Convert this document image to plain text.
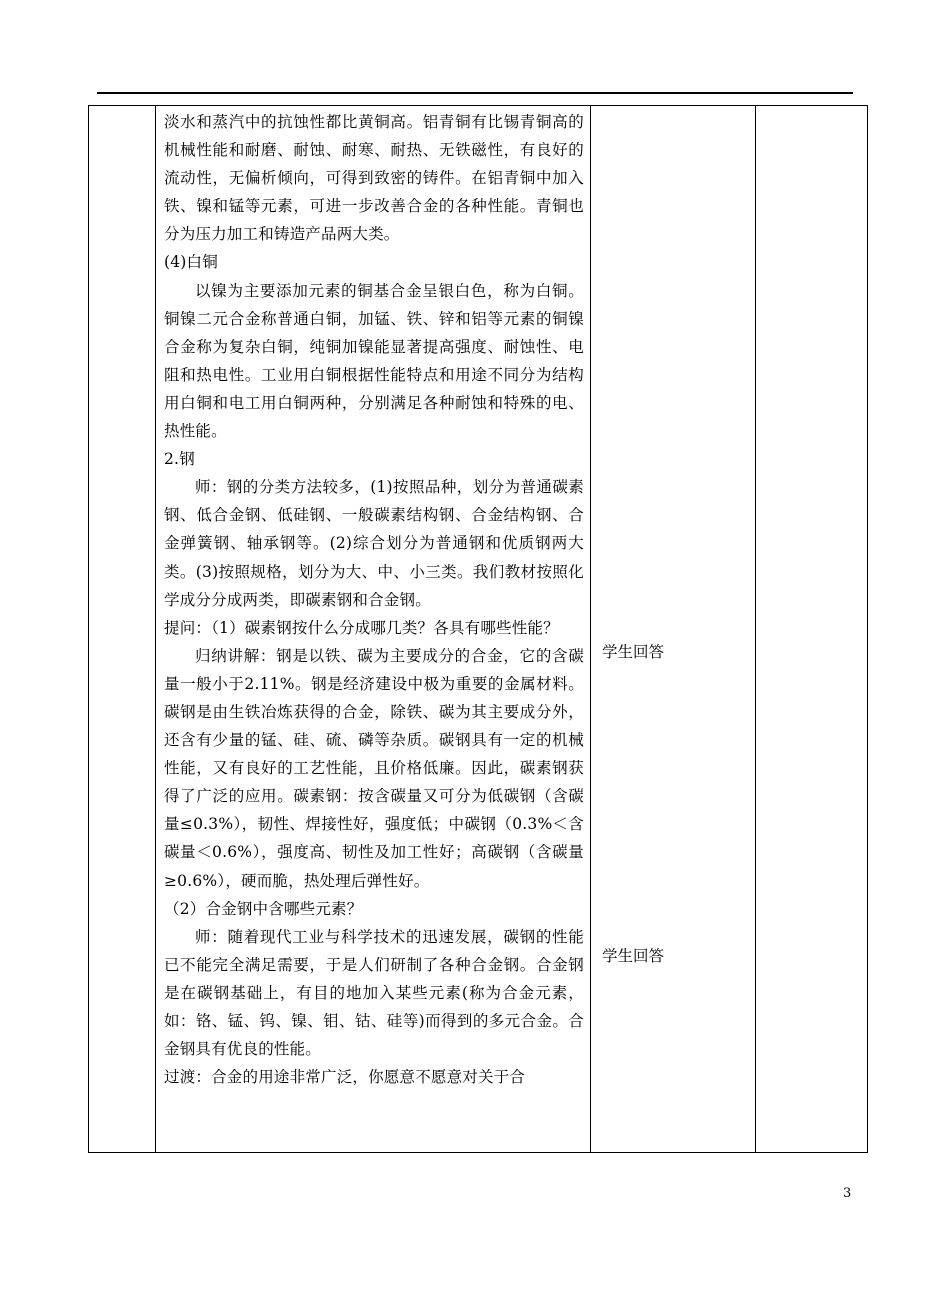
淡水和蒸汽中的抗蚀性都比黄铜高。铝青铜有比锡青铜高的机械性能和耐磨、耐蚀、耐寒、耐热、无铁磁性，有良好的流动性，无偏析倾向，可得到致密的铸件。在铝青铜中加入铁、镍和锰等元素，可进一步改善合金的各种性能。青铜也分为压力加工和铸造产品两大类。

(4)白铜

以镍为主要添加元素的铜基合金呈银白色，称为白铜。铜镍二元合金称普通白铜，加锰、铁、锌和铝等元素的铜镍合金称为复杂白铜，纯铜加镍能显著提高强度、耐蚀性、电阻和热电性。工业用白铜根据性能特点和用途不同分为结构用白铜和电工用白铜两种，分别满足各种耐蚀和特殊的电、热性能。

2.钢

师：钢的分类方法较多，(1)按照品种，划分为普通碳素钢、低合金钢、低硅钢、一般碳素结构钢、合金结构钢、合金弹簧钢、轴承钢等。(2)综合划分为普通钢和优质钢两大类。(3)按照规格，划分为大、中、小三类。我们教材按照化学成分分成两类，即碳素钢和合金钢。

提问：（1）碳素钢按什么分成哪几类？各具有哪些性能？

归纳讲解：钢是以铁、碳为主要成分的合金，它的含碳量一般小于2.11%。钢是经济建设中极为重要的金属材料。碳钢是由生铁冶炼获得的合金，除铁、碳为其主要成分外，还含有少量的锰、硅、硫、磷等杂质。碳钢具有一定的机械性能，又有良好的工艺性能，且价格低廉。因此，碳素钢获得了广泛的应用。碳素钢：按含碳量又可分为低碳钢（含碳量≤0.3%），韧性、焊接性好，强度低；中碳钢（0.3%＜含碳量＜0.6%），强度高、韧性及加工性好；高碳钢（含碳量≥0.6%），硬而脆，热处理后弹性好。

（2）合金钢中含哪些元素？

师：随着现代工业与科学技术的迅速发展，碳钢的性能已不能完全满足需要，于是人们研制了各种合金钢。合金钢是在碳钢基础上，有目的地加入某些元素(称为合金元素，如：铬、锰、钨、镍、钼、钴、硅等)而得到的多元合金。合金钢具有优良的性能。

过渡：合金的用途非常广泛，你愿意不愿意对关于合

学生回答
学生回答

3
